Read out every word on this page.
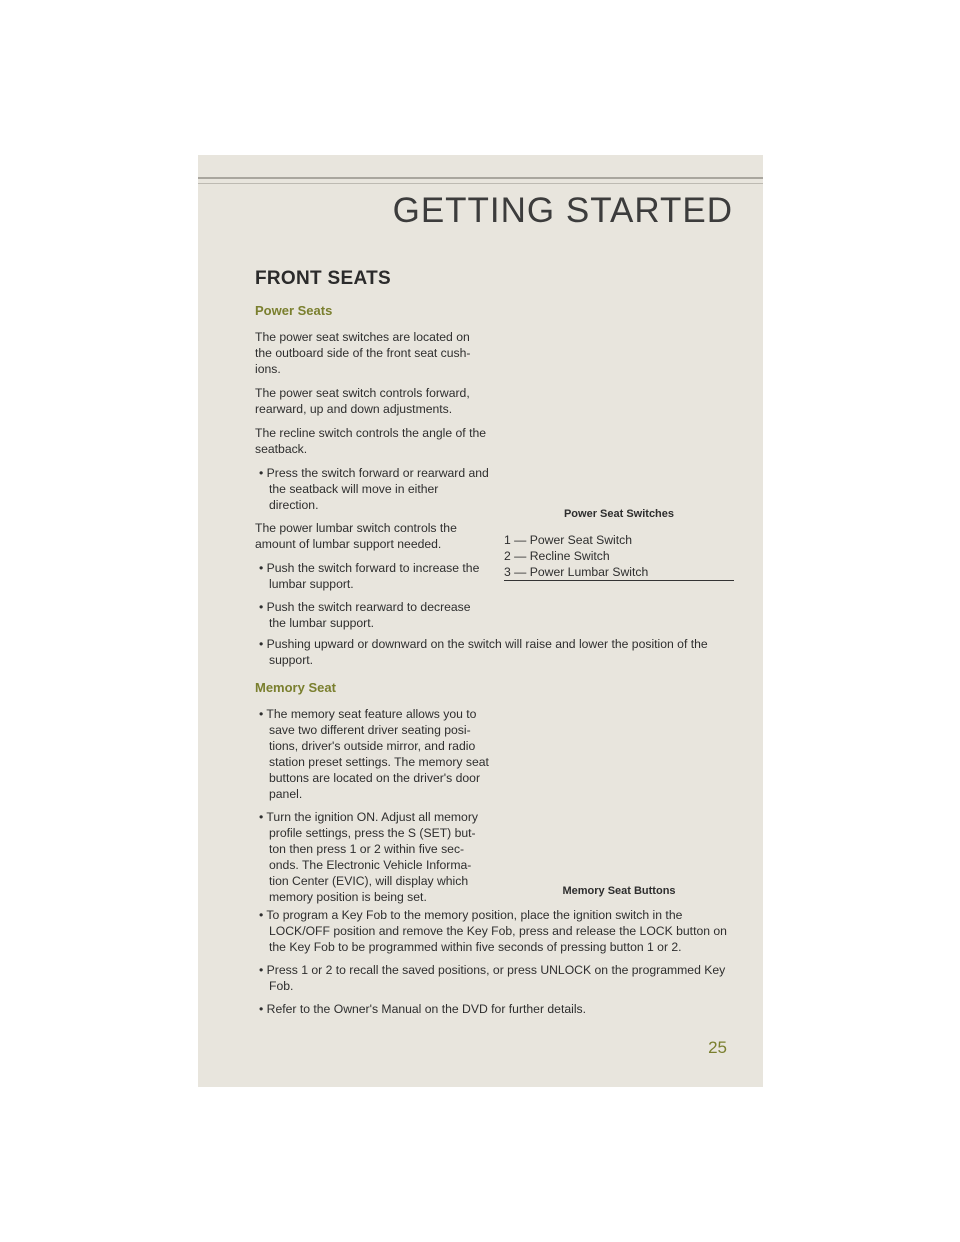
GETTING STARTED
FRONT SEATS
Power Seats

The power seat switches are located on the outboard side of the front seat cush-ions.

The power seat switch controls forward, rearward, up and down adjustments.

The recline switch controls the angle of the seatback.

• Press the switch forward or rearward and the seatback will move in either direction.

The power lumbar switch controls the amount of lumbar support needed.

• Push the switch forward to increase the lumbar support.
• Push the switch rearward to decrease the lumbar support.
Power Seat Switches
1 — Power Seat Switch
2 — Recline Switch
3 — Power Lumbar Switch
• Pushing upward or downward on the switch will raise and lower the position of the support.
Memory Seat
• The memory seat feature allows you to save two different driver seating posi-tions, driver's outside mirror, and radio station preset settings. The memory seat buttons are located on the driver's door panel.
• Turn the ignition ON. Adjust all memory profile settings, press the S (SET) but-ton then press 1 or 2 within five sec-onds. The Electronic Vehicle Informa-tion Center (EVIC), will display which memory position is being set.	Memory Seat Buttons
• To program a Key Fob to the memory position, place the ignition switch in the LOCK/OFF position and remove the Key Fob, press and release the LOCK button on the Key Fob to be programmed within five seconds of pressing button 1 or 2.
• Press 1 or 2 to recall the saved positions, or press UNLOCK on the programmed Key Fob.
• Refer to the Owner's Manual on the DVD for further details.
25
